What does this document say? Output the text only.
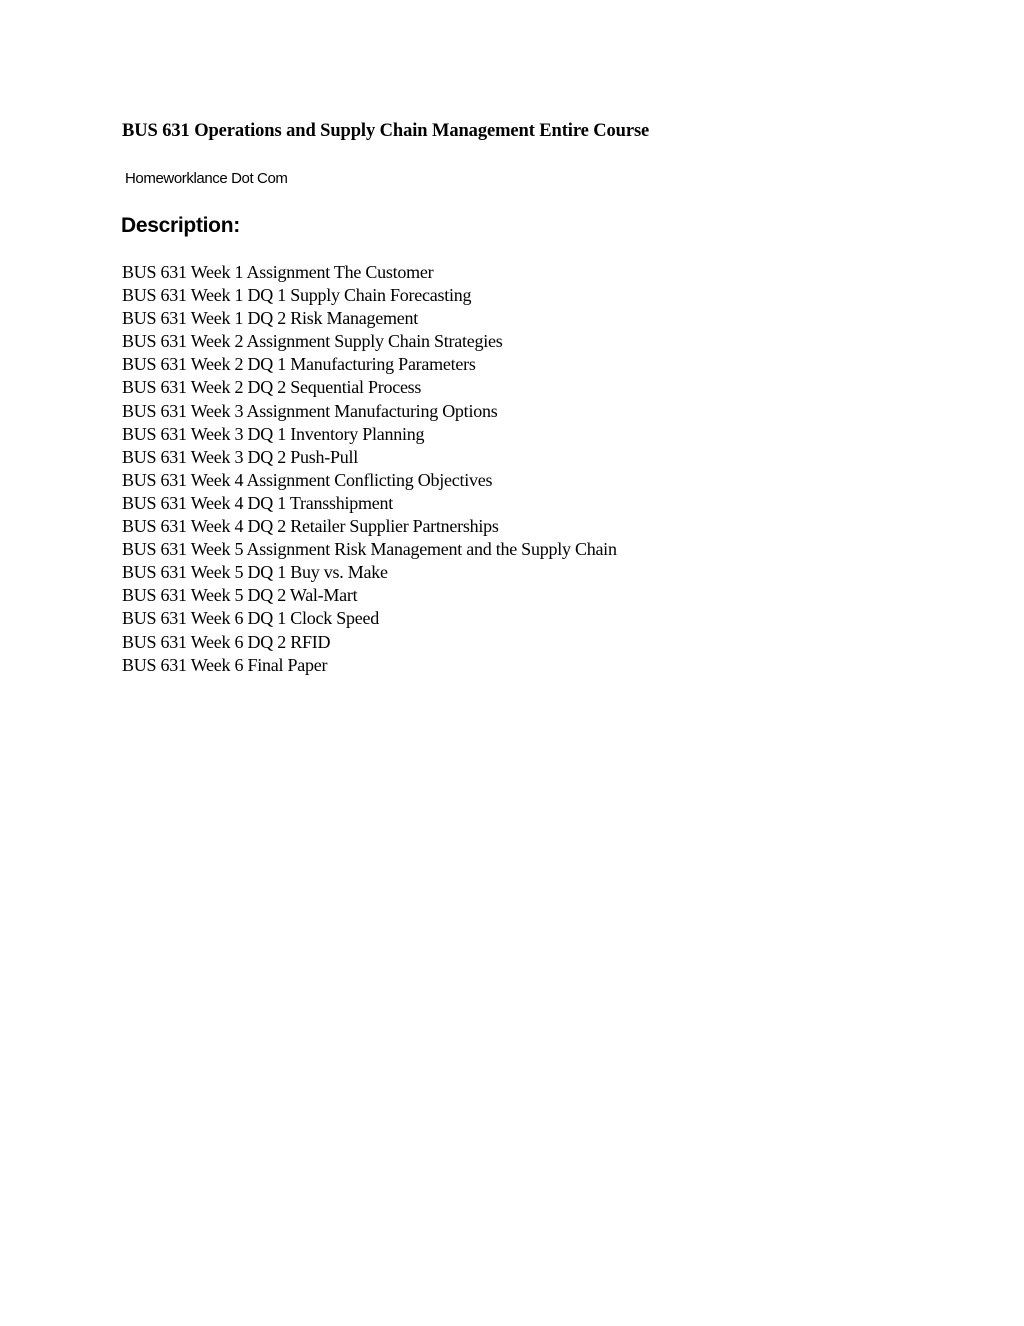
BUS 631 Operations and Supply Chain Management Entire Course

Homeworklance Dot Com

Description:
BUS 631 Week 1 Assignment The Customer
BUS 631 Week 1 DQ 1 Supply Chain Forecasting
BUS 631 Week 1 DQ 2 Risk Management
BUS 631 Week 2 Assignment Supply Chain Strategies
BUS 631 Week 2 DQ 1 Manufacturing Parameters
BUS 631 Week 2 DQ 2 Sequential Process
BUS 631 Week 3 Assignment Manufacturing Options
BUS 631 Week 3 DQ 1 Inventory Planning
BUS 631 Week 3 DQ 2 Push-Pull
BUS 631 Week 4 Assignment Conflicting Objectives
BUS 631 Week 4 DQ 1 Transshipment
BUS 631 Week 4 DQ 2 Retailer Supplier Partnerships
BUS 631 Week 5 Assignment Risk Management and the Supply Chain
BUS 631 Week 5 DQ 1 Buy vs. Make
BUS 631 Week 5 DQ 2 Wal-Mart
BUS 631 Week 6 DQ 1 Clock Speed
BUS 631 Week 6 DQ 2 RFID
BUS 631 Week 6 Final Paper
